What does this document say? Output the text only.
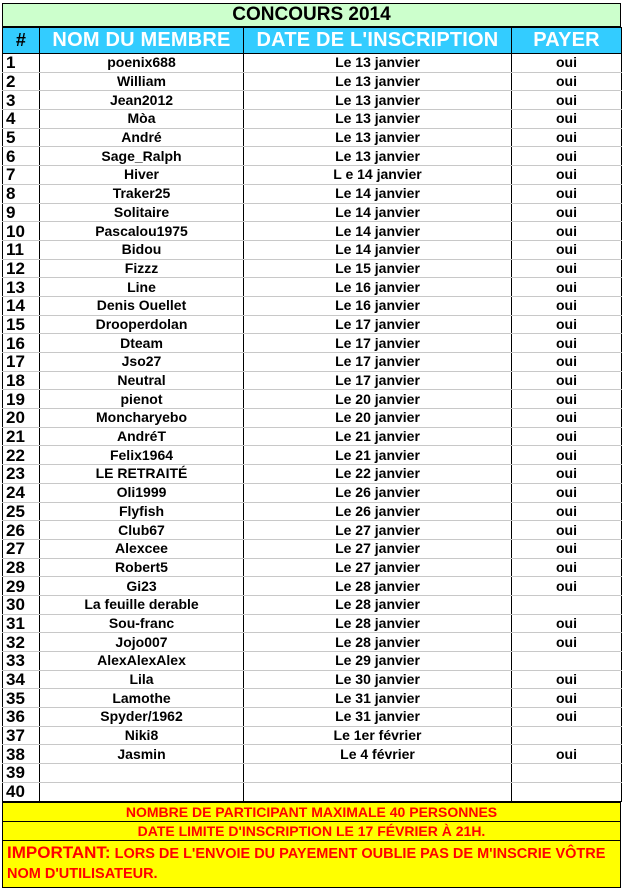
CONCOURS 2014
#	NOM DU MEMBRE	DATE DE L'INSCRIPTION	PAYER
1	poenix688	Le 13 janvier	oui
2	William	Le 13 janvier	oui
3	Jean2012	Le 13 janvier	oui
4	Mòa	Le 13 janvier	oui
5	André	Le 13 janvier	oui
6	Sage_Ralph	Le 13 janvier	oui
7	Hiver	L e 14 janvier	oui
8	Traker25	Le 14 janvier	oui
9	Solitaire	Le 14 janvier	oui
10	Pascalou1975	Le 14 janvier	oui
11	Bidou	Le 14 janvier	oui
12	Fizzz	Le 15 janvier	oui
13	Line	Le 16 janvier	oui
14	Denis Ouellet	Le 16 janvier	oui
15	Drooperdolan	Le 17 janvier	oui
16	Dteam	Le 17 janvier	oui
17	Jso27	Le 17 janvier	oui
18	Neutral	Le 17 janvier	oui
19	pienot	Le 20 janvier	oui
20	Moncharyebo	Le 20 janvier	oui
21	AndréT	Le 21 janvier	oui
22	Felix1964	Le 21 janvier	oui
23	LE RETRAITÉ	Le 22 janvier	oui
24	Oli1999	Le 26 janvier	oui
25	Flyfish	Le 26 janvier	oui
26	Club67	Le 27 janvier	oui
27	Alexcee	Le 27 janvier	oui
28	Robert5	Le 27 janvier	oui
29	Gi23	Le 28 janvier	oui
30	La feuille derable	Le 28 janvier	
31	Sou-franc	Le 28 janvier	oui
32	Jojo007	Le 28 janvier	oui
33	AlexAlexAlex	Le 29 janvier	
34	Lila	Le 30 janvier	oui
35	Lamothe	Le 31 janvier	oui
36	Spyder/1962	Le 31 janvier	oui
37	Niki8	Le 1er février	
38	Jasmin	Le 4 février	oui
39			
40			
NOMBRE DE PARTICIPANT MAXIMALE 40 PERSONNES
DATE LIMITE D'INSCRIPTION LE 17 FÉVRIER À 21H.
IMPORTANT: LORS DE L'ENVOIE DU PAYEMENT OUBLIE PAS DE M'INSCRIE VÔTRE NOM D'UTILISATEUR.
